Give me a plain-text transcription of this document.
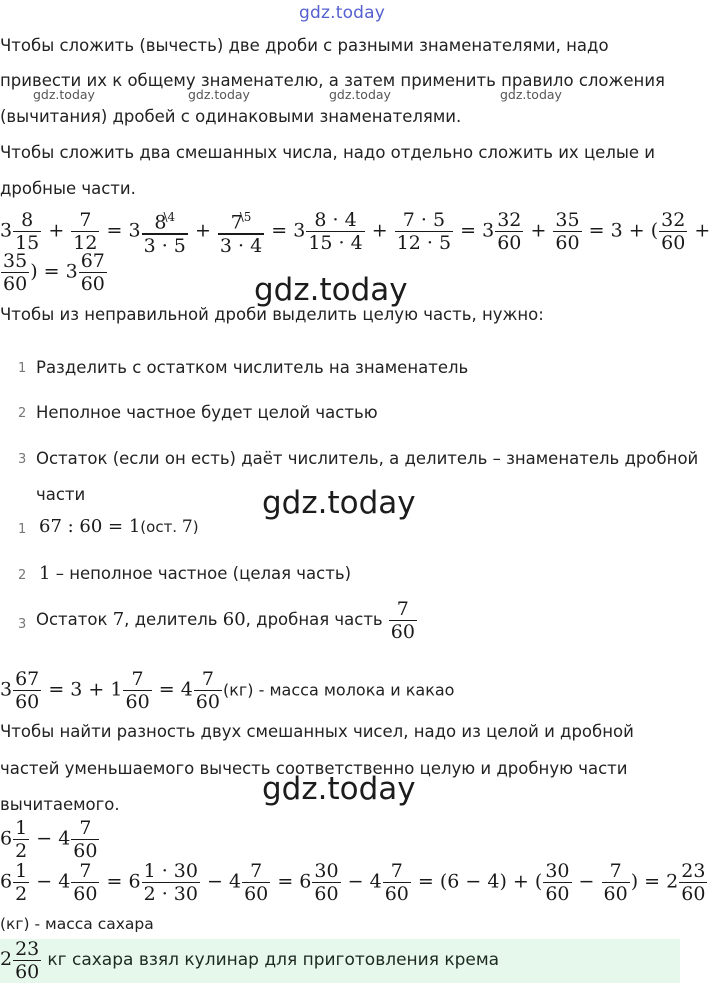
gdz.today
Чтобы сложить (вычесть) две дроби с разными знаменателями, надо
привести их к общему знаменателю, а затем применить правило сложения
gdz.today	gdz.today	gdz.today	gdz.today
(вычитания) дробей с одинаковыми знаменателями.
Чтобы сложить два смешанных числа, надо отдельно сложить их целые и
дробные части.
$3 \frac{8}{15} + \frac{7}{12} = 3 \frac{8^{\backslash 4}}{3 \cdot 5} + \frac{7^{\backslash 5}}{3 \cdot 4} = 3 \frac{8 \cdot 4}{15 \cdot 4} + \frac{7 \cdot 5}{12 \cdot 5} = 3 \frac{32}{60} + \frac{35}{60} = 3$ + ( $\frac{32}{60}$ +
$\frac{35}{60}$ ) = $3 \frac{67}{60}$	gdz.today
Чтобы из неправильной дроби выделить целую часть, нужно:
1 Разделить с остатком числитель на знаменатель
2 Неполное частное будет целой частью
3 Остаток (если он есть) даёт числитель, а делитель – знаменатель дробной
части	gdz.today
1 67 : 60 = 1(ост. 7)
2 1 – неполное частное (целая часть)
3 Остаток 7, делитель 60, дробная часть $\frac{7}{60}$
$3 \frac{67}{60} = 3 + 1 \frac{7}{60} = 4 \frac{7}{60} (кг)$ - масса молока и какао
Чтобы найти разность двух смешанных чисел, надо из целой и дробной
частей уменьшаемого вычесть соответственно целую и дробную части
вычитаемого.	gdz.today
$6 \frac{1}{2} - 4 \frac{7}{60}$
$6 \frac{1}{2} - 4 \frac{7}{60} = 6 \frac{1 \cdot 30}{2 \cdot 30} - 4 \frac{7}{60} = 6 \frac{30}{60} - 4 \frac{7}{60} = (6 - 4)$ + ( $\frac{30}{60} - \frac{7}{60}$ ) = $2 \frac{23}{60}$
(кг) - масса сахара
$2 \frac{23}{60}$ кг сахара взял кулинар для приготовления крема
